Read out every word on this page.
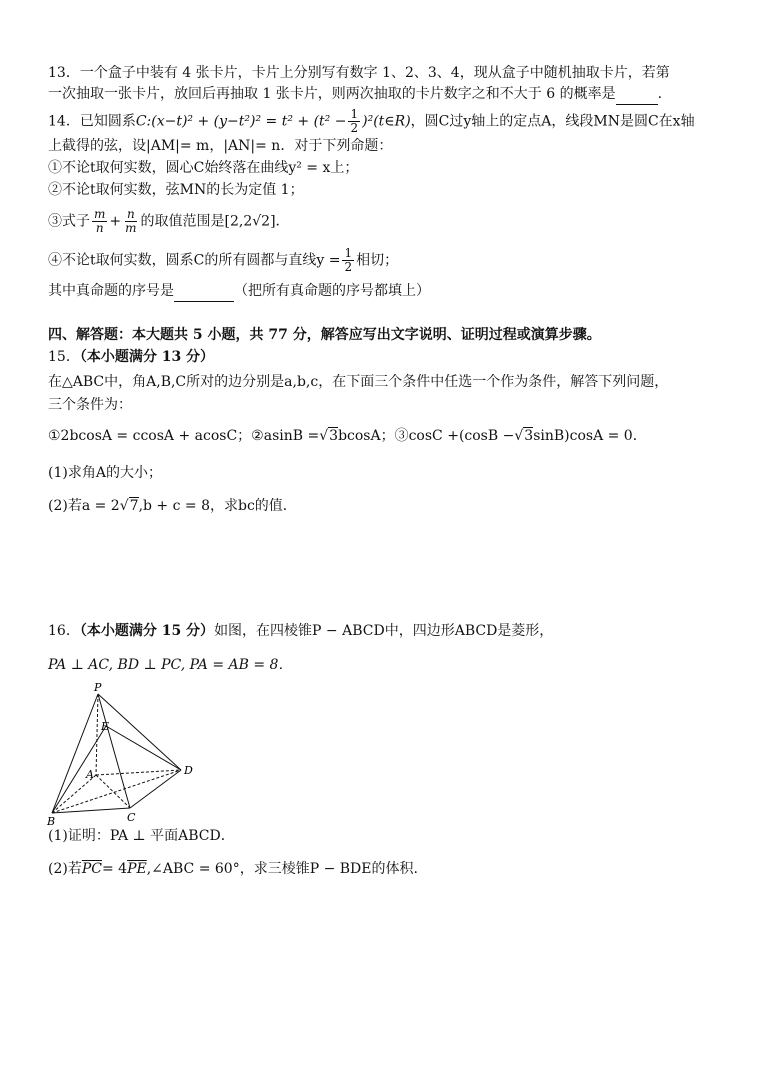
13．一个盒子中装有 4 张卡片，卡片上分别写有数字 1、2、3、4，现从盒子中随机抽取卡片，若第
一次抽取一张卡片，放回后再抽取 1 张卡片，则两次抽取的卡片数字之和不大于 6 的概率是	.
14．已知圆系C:(x−t)² + $(y-t^2)^2 = t^2 + (t^2 - \frac{1}{2}$ )²(t∈R)，圆C过y轴上的定点A，线段MN是圆C在x轴
上截得的弦，设|AM|= m，|AN|= n．对于下列命题：
①不论t取何实数，圆心C始终落在曲线y² = x上；
②不论t取何实数，弦MN的长为定值 1；
③式子 $\frac{m}{n} + \frac{n}{m}$ 的取值范围是[2,2√2]．
④不论t取何实数，圆系C的所有圆都与直线$y = \frac{1}{2}$ 相切；
其中真命题的序号是	（把所有真命题的序号都填上）
四、解答题：本大题共 5 小题，共 77 分，解答应写出文字说明、证明过程或演算步骤。
15．（本小题满分 13 分）
在△ABC中，角A,B,C所对的边分别是a,b,c，在下面三个条件中任选一个作为条件，解答下列问题，
三个条件为：
①2bcosA = ccosA + acosC；②asinB =√3bcosA；③cosC +(cosB −√3sinB)cosA = 0．
(1)求角A的大小；
(2)若a = 2√7,b + c = 8，求bc的值．
16．（本小题满分 15 分）如图，在四棱锥P − ABCD中，四边形ABCD是菱形，
PA ⊥ AC, BD ⊥ PC, PA = AB = 8．
P
E
A	D
B	C
(1)证明：PA ⊥ 平面ABCD．
(2)若$\overline{PC}=$ $4\overline{PE},\angle ABC = 60^\circ$，求三棱锥P − BDE的体积.
